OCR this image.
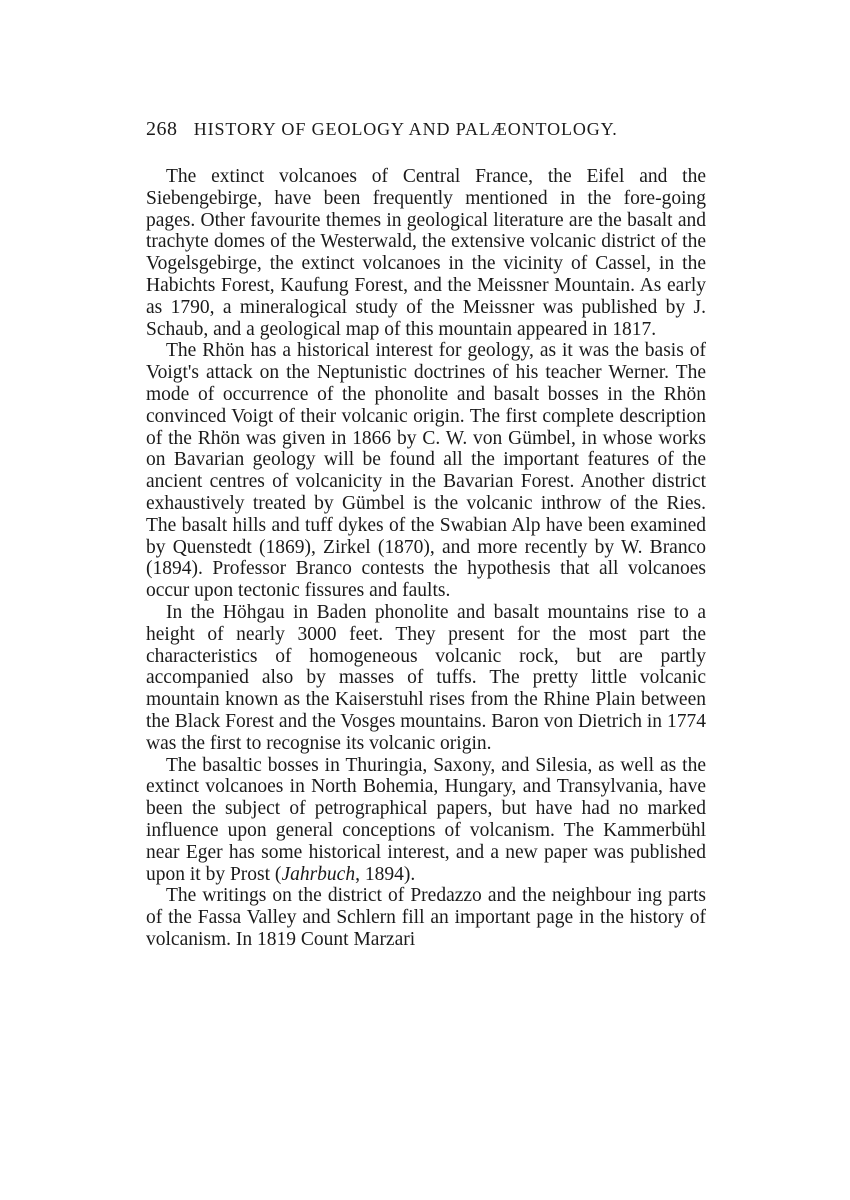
268 HISTORY OF GEOLOGY AND PALÆONTOLOGY.

The extinct volcanoes of Central France, the Eifel and the Siebengebirge, have been frequently mentioned in the fore-going pages. Other favourite themes in geological literature are the basalt and trachyte domes of the Westerwald, the extensive volcanic district of the Vogelsgebirge, the extinct volcanoes in the vicinity of Cassel, in the Habichts Forest, Kaufung Forest, and the Meissner Mountain. As early as 1790, a mineralogical study of the Meissner was published by J. Schaub, and a geological map of this mountain appeared in 1817.

The Rhön has a historical interest for geology, as it was the basis of Voigt's attack on the Neptunistic doctrines of his teacher Werner. The mode of occurrence of the phonolite and basalt bosses in the Rhön convinced Voigt of their volcanic origin. The first complete description of the Rhön was given in 1866 by C. W. von Gümbel, in whose works on Bavarian geology will be found all the important features of the ancient centres of volcanicity in the Bavarian Forest. Another district exhaustively treated by Gümbel is the volcanic inthrow of the Ries. The basalt hills and tuff dykes of the Swabian Alp have been examined by Quenstedt (1869), Zirkel (1870), and more recently by W. Branco (1894). Professor Branco contests the hypothesis that all volcanoes occur upon tectonic fissures and faults.

In the Höhgau in Baden phonolite and basalt mountains rise to a height of nearly 3000 feet. They present for the most part the characteristics of homogeneous volcanic rock, but are partly accompanied also by masses of tuffs. The pretty little volcanic mountain known as the Kaiserstuhl rises from the Rhine Plain between the Black Forest and the Vosges mountains. Baron von Dietrich in 1774 was the first to recognise its volcanic origin.

The basaltic bosses in Thuringia, Saxony, and Silesia, as well as the extinct volcanoes in North Bohemia, Hungary, and Transylvania, have been the subject of petrographical papers, but have had no marked influence upon general conceptions of volcanism. The Kammerbühl near Eger has some historical interest, and a new paper was published upon it by Prost (Jahrbuch, 1894).

The writings on the district of Predazzo and the neighbour ing parts of the Fassa Valley and Schlern fill an important page in the history of volcanism. In 1819 Count Marzari
